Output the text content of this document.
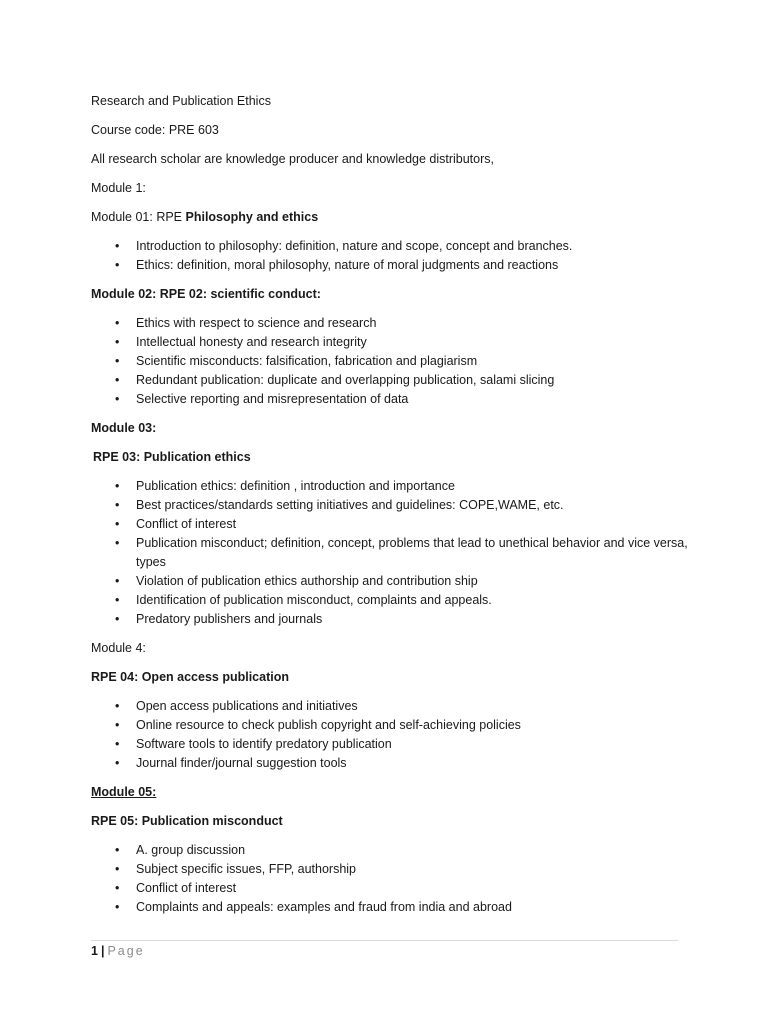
Research and Publication Ethics

Course code: PRE 603

All research scholar are knowledge producer and knowledge distributors,

Module 1:

Module 01: RPE Philosophy and ethics

• Introduction to philosophy: definition, nature and scope, concept and branches.
• Ethics: definition, moral philosophy, nature of moral judgments and reactions

Module 02: RPE 02: scientific conduct:

• Ethics with respect to science and research
• Intellectual honesty and research integrity
• Scientific misconducts: falsification, fabrication and plagiarism
• Redundant publication: duplicate and overlapping publication, salami slicing
• Selective reporting and misrepresentation of data

Module 03:

RPE 03: Publication ethics

• Publication ethics: definition , introduction and importance
• Best practices/standards setting initiatives and guidelines: COPE,WAME, etc.
• Conflict of interest
• Publication misconduct; definition, concept, problems that lead to unethical behavior and vice versa, types
• Violation of publication ethics authorship and contribution ship
• Identification of publication misconduct, complaints and appeals.
• Predatory publishers and journals

Module 4:

RPE 04: Open access publication

• Open access publications and initiatives
• Online resource to check publish copyright and self-achieving policies
• Software tools to identify predatory publication
• Journal finder/journal suggestion tools

Module 05:

RPE 05: Publication misconduct

• A. group discussion
• Subject specific issues, FFP, authorship
• Conflict of interest
• Complaints and appeals: examples and fraud from india and abroad
1 | Page
